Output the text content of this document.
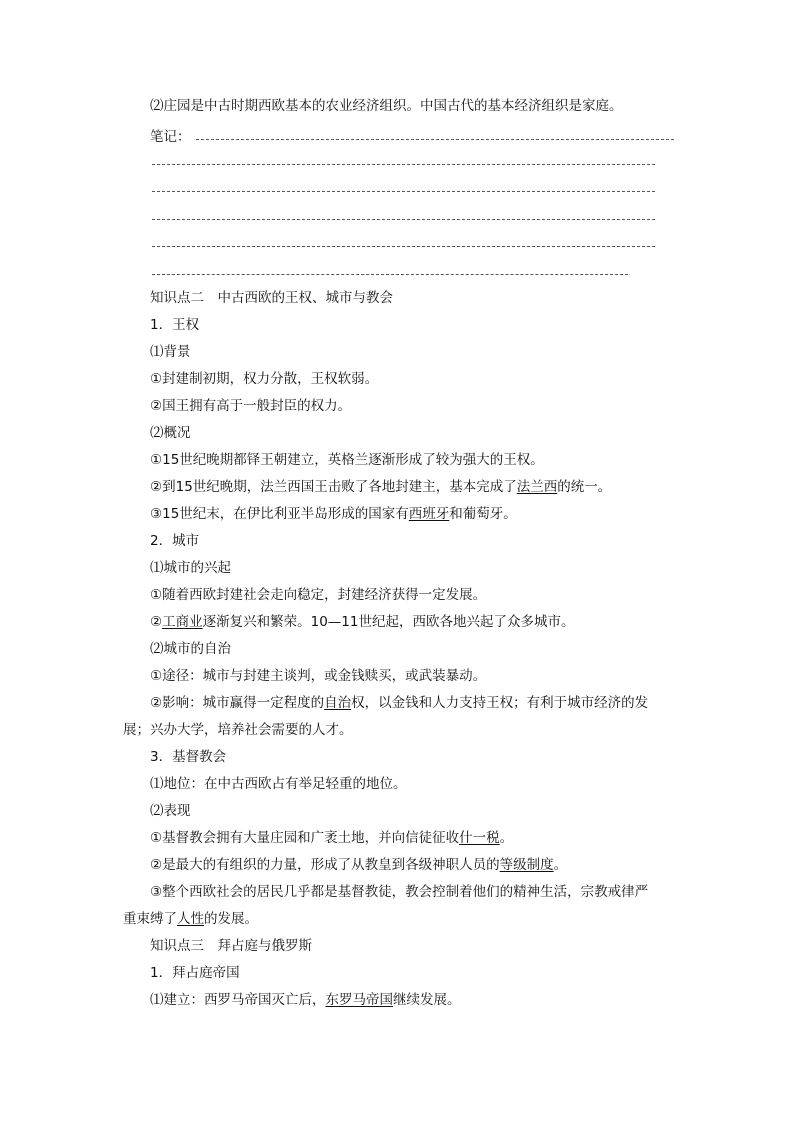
⑵庄园是中古时期西欧基本的农业经济组织。中国古代的基本经济组织是家庭。
笔记：
知识点二　中古西欧的王权、城市与教会
1．王权
⑴背景
①封建制初期，权力分散，王权软弱。
②国王拥有高于一般封臣的权力。
⑵概况
①15世纪晚期都铎王朝建立，英格兰逐渐形成了较为强大的王权。
②到15世纪晚期，法兰西国王击败了各地封建主，基本完成了法兰西的统一。
③15世纪末，在伊比利亚半岛形成的国家有西班牙和葡萄牙。
2．城市
⑴城市的兴起
①随着西欧封建社会走向稳定，封建经济获得一定发展。
②工商业逐渐复兴和繁荣。10—11世纪起，西欧各地兴起了众多城市。
⑵城市的自治
①途径：城市与封建主谈判，或金钱赎买，或武装暴动。
②影响：城市赢得一定程度的自治权，以金钱和人力支持王权；有利于城市经济的发
展；兴办大学，培养社会需要的人才。
3．基督教会
⑴地位：在中古西欧占有举足轻重的地位。
⑵表现
①基督教会拥有大量庄园和广袤土地，并向信徒征收什一税。
②是最大的有组织的力量，形成了从教皇到各级神职人员的等级制度。
③整个西欧社会的居民几乎都是基督教徒，教会控制着他们的精神生活，宗教戒律严
重束缚了人性的发展。
知识点三　拜占庭与俄罗斯
1．拜占庭帝国
⑴建立：西罗马帝国灭亡后，东罗马帝国继续发展。
